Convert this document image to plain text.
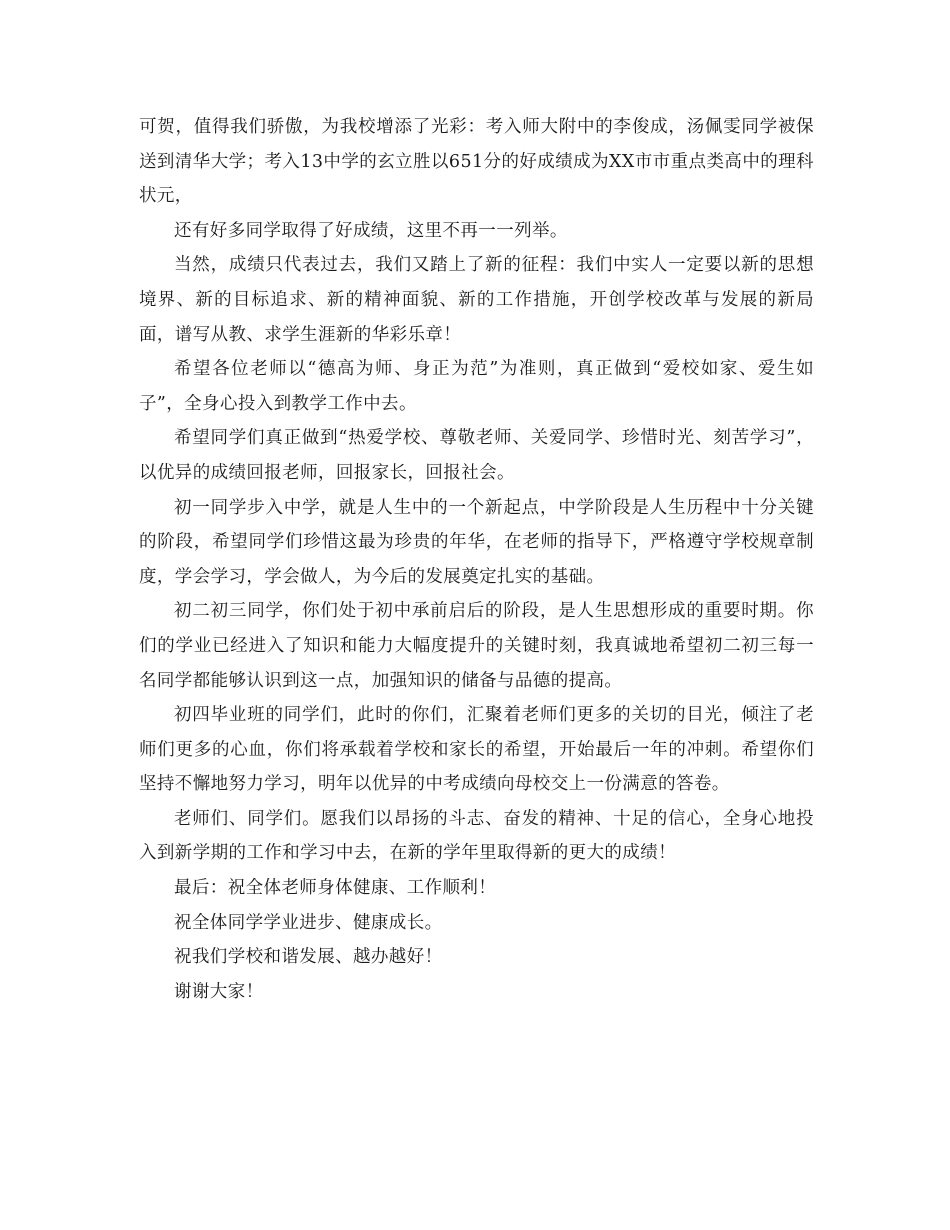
可贺，值得我们骄傲，为我校增添了光彩：考入师大附中的李俊成，汤佩雯同学被保送到清华大学；考入13中学的玄立胜以651分的好成绩成为XX市市重点类高中的理科状元，

还有好多同学取得了好成绩，这里不再一一列举。

当然，成绩只代表过去，我们又踏上了新的征程：我们中实人一定要以新的思想境界、新的目标追求、新的精神面貌、新的工作措施，开创学校改革与发展的新局面，谱写从教、求学生涯新的华彩乐章！

希望各位老师以“德高为师、身正为范”为准则，真正做到“爱校如家、爱生如子”，全身心投入到教学工作中去。

希望同学们真正做到“热爱学校、尊敬老师、关爱同学、珍惜时光、刻苦学习”，以优异的成绩回报老师，回报家长，回报社会。

初一同学步入中学，就是人生中的一个新起点，中学阶段是人生历程中十分关键的阶段，希望同学们珍惜这最为珍贵的年华，在老师的指导下，严格遵守学校规章制度，学会学习，学会做人，为今后的发展奠定扎实的基础。

初二初三同学，你们处于初中承前启后的阶段，是人生思想形成的重要时期。你们的学业已经进入了知识和能力大幅度提升的关键时刻，我真诚地希望初二初三每一名同学都能够认识到这一点，加强知识的储备与品德的提高。

初四毕业班的同学们，此时的你们，汇聚着老师们更多的关切的目光，倾注了老师们更多的心血，你们将承载着学校和家长的希望，开始最后一年的冲刺。希望你们坚持不懈地努力学习，明年以优异的中考成绩向母校交上一份满意的答卷。

老师们、同学们。愿我们以昂扬的斗志、奋发的精神、十足的信心，全身心地投入到新学期的工作和学习中去，在新的学年里取得新的更大的成绩！

最后：祝全体老师身体健康、工作顺利！

祝全体同学学业进步、健康成长。

祝我们学校和谐发展、越办越好！

谢谢大家！
